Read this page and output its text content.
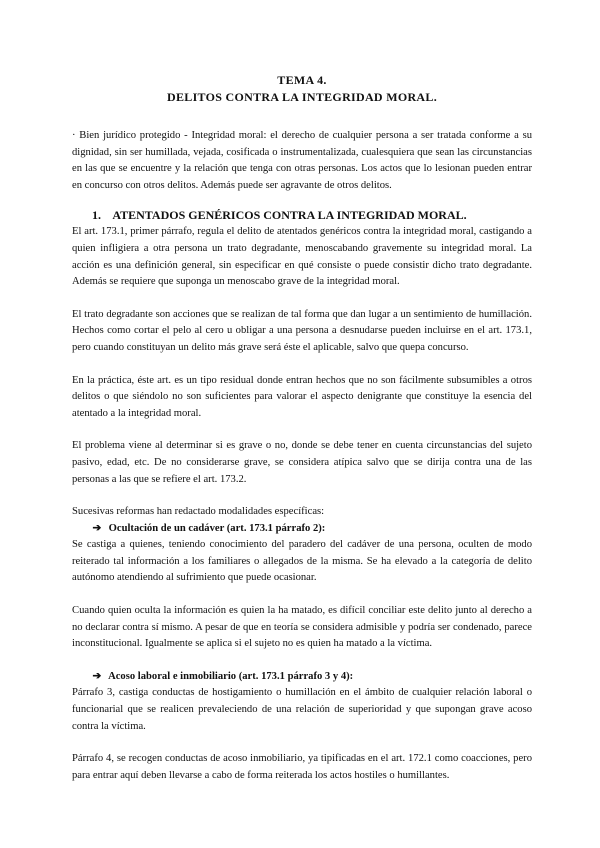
TEMA 4.
DELITOS CONTRA LA INTEGRIDAD MORAL.

· Bien jurídico protegido - Integridad moral: el derecho de cualquier persona a ser tratada conforme a su dignidad, sin ser humillada, vejada, cosificada o instrumentalizada, cualesquiera que sean las circunstancias en las que se encuentre y la relación que tenga con otras personas. Los actos que lo lesionan pueden entrar en concurso con otros delitos. Además puede ser agravante de otros delitos.

1. ATENTADOS GENÉRICOS CONTRA LA INTEGRIDAD MORAL.

El art. 173.1, primer párrafo, regula el delito de atentados genéricos contra la integridad moral, castigando a quien infligiera a otra persona un trato degradante, menoscabando gravemente su integridad moral. La acción es una definición general, sin especificar en qué consiste o puede consistir dicho trato degradante. Además se requiere que suponga un menoscabo grave de la integridad moral.

El trato degradante son acciones que se realizan de tal forma que dan lugar a un sentimiento de humillación. Hechos como cortar el pelo al cero u obligar a una persona a desnudarse pueden incluirse en el art. 173.1, pero cuando constituyan un delito más grave será éste el aplicable, salvo que quepa concurso.

En la práctica, éste art. es un tipo residual donde entran hechos que no son fácilmente subsumibles a otros delitos o que siéndolo no son suficientes para valorar el aspecto denigrante que constituye la esencia del atentado a la integridad moral.

El problema viene al determinar si es grave o no, donde se debe tener en cuenta circunstancias del sujeto pasivo, edad, etc. De no considerarse grave, se considera atípica salvo que se dirija contra una de las personas a las que se refiere el art. 173.2.

Sucesivas reformas han redactado modalidades específicas:

➔ Ocultación de un cadáver (art. 173.1 párrafo 2):

Se castiga a quienes, teniendo conocimiento del paradero del cadáver de una persona, oculten de modo reiterado tal información a los familiares o allegados de la misma. Se ha elevado a la categoría de delito autónomo atendiendo al sufrimiento que puede ocasionar.

Cuando quien oculta la información es quien la ha matado, es difícil conciliar este delito junto al derecho a no declarar contra sí mismo. A pesar de que en teoría se considera admisible y podría ser condenado, parece inconstitucional. Igualmente se aplica si el sujeto no es quien ha matado a la víctima.

➔ Acoso laboral e inmobiliario (art. 173.1 párrafo 3 y 4):

Párrafo 3, castiga conductas de hostigamiento o humillación en el ámbito de cualquier relación laboral o funcionarial que se realicen prevaleciendo de una relación de superioridad y que supongan grave acoso contra la víctima.

Párrafo 4, se recogen conductas de acoso inmobiliario, ya tipificadas en el art. 172.1 como coacciones, pero para entrar aquí deben llevarse a cabo de forma reiterada los actos hostiles o humillantes.
